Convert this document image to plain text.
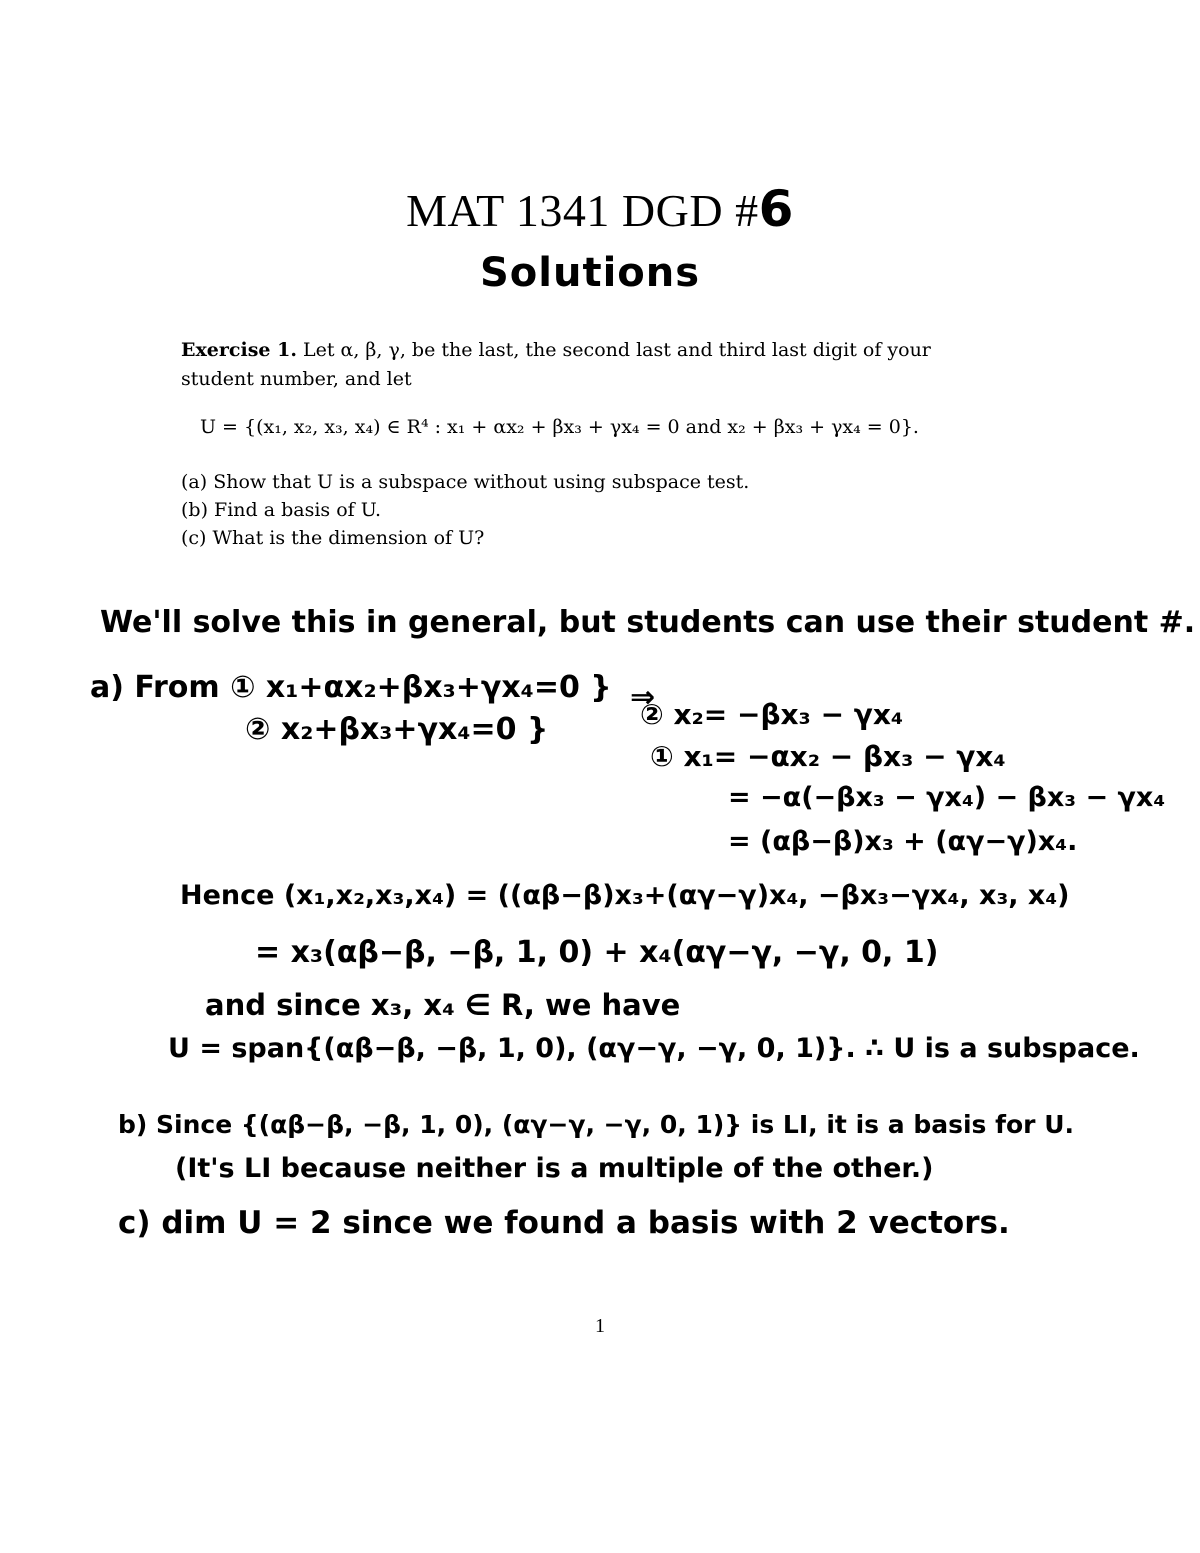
MAT 1341 DGD #6
Solutions
Exercise 1. Let α, β, γ, be the last, the second last and third last digit of your
student number, and let
U = {(x₁, x₂, x₃, x₄) ∈ R⁴ : x₁ + αx₂ + βx₃ + γx₄ = 0 and x₂ + βx₃ + γx₄ = 0}.
(a) Show that U is a subspace without using subspace test.
(b) Find a basis of U.
(c) What is the dimension of U?
We'll solve this in general, but students can use their student #.
a) From ① x₁+αx₂+βx₃+γx₄=0 }
② x₂+βx₃+γx₄=0 }
⇒
② x₂= −βx₃ − γx₄
① x₁= −αx₂ − βx₃ − γx₄
= −α(−βx₃ − γx₄) − βx₃ − γx₄
= (αβ−β)x₃ + (αγ−γ)x₄.
Hence (x₁,x₂,x₃,x₄) = ((αβ−β)x₃+(αγ−γ)x₄, −βx₃−γx₄, x₃, x₄)
= x₃(αβ−β, −β, 1, 0) + x₄(αγ−γ, −γ, 0, 1)
and since x₃, x₄ ∈ R, we have
U = span{(αβ−β, −β, 1, 0), (αγ−γ, −γ, 0, 1)}. ∴ U is a subspace.
b) Since {(αβ−β, −β, 1, 0), (αγ−γ, −γ, 0, 1)} is LI, it is a basis for U.
(It's LI because neither is a multiple of the other.)
c) dim U = 2 since we found a basis with 2 vectors.
1
